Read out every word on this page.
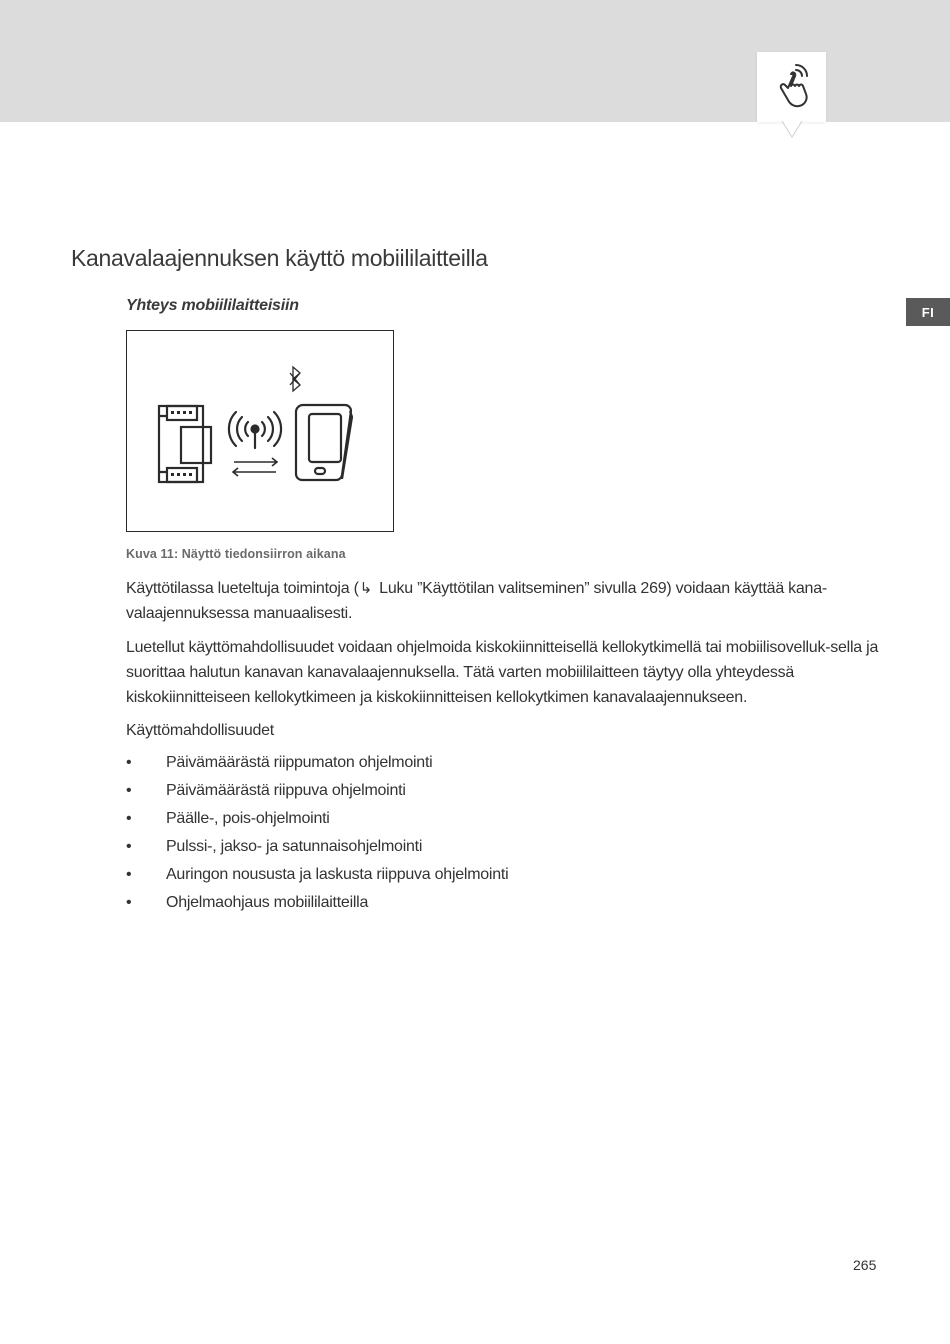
FI
Kanavalaajennuksen käyttö mobiililaitteilla
Yhteys mobiililaitteisiin

Kuva 11: Näyttö tiedonsiirron aikana

Käyttötilassa lueteltuja toimintoja (↳ Luku ”Käyttötilan valitseminen” sivulla 269) voidaan käyttää kana-valaajennuksessa manuaalisesti.

Luetellut käyttömahdollisuudet voidaan ohjelmoida kiskokiinnitteisellä kellokytkimellä tai mobiilisovelluk-sella ja suorittaa halutun kanavan kanavalaajennuksella. Tätä varten mobiililaitteen täytyy olla yhteydessä kiskokiinnitteiseen kellokytkimeen ja kiskokiinnitteisen kellokytkimen kanavalaajennukseen.

Käyttömahdollisuudet

•	Päivämäärästä riippumaton ohjelmointi
•	Päivämäärästä riippuva ohjelmointi
•	Päälle-, pois-ohjelmointi
•	Pulssi-, jakso- ja satunnaisohjelmointi
•	Auringon noususta ja laskusta riippuva ohjelmointi
•	Ohjelmaohjaus mobiililaitteilla
265
